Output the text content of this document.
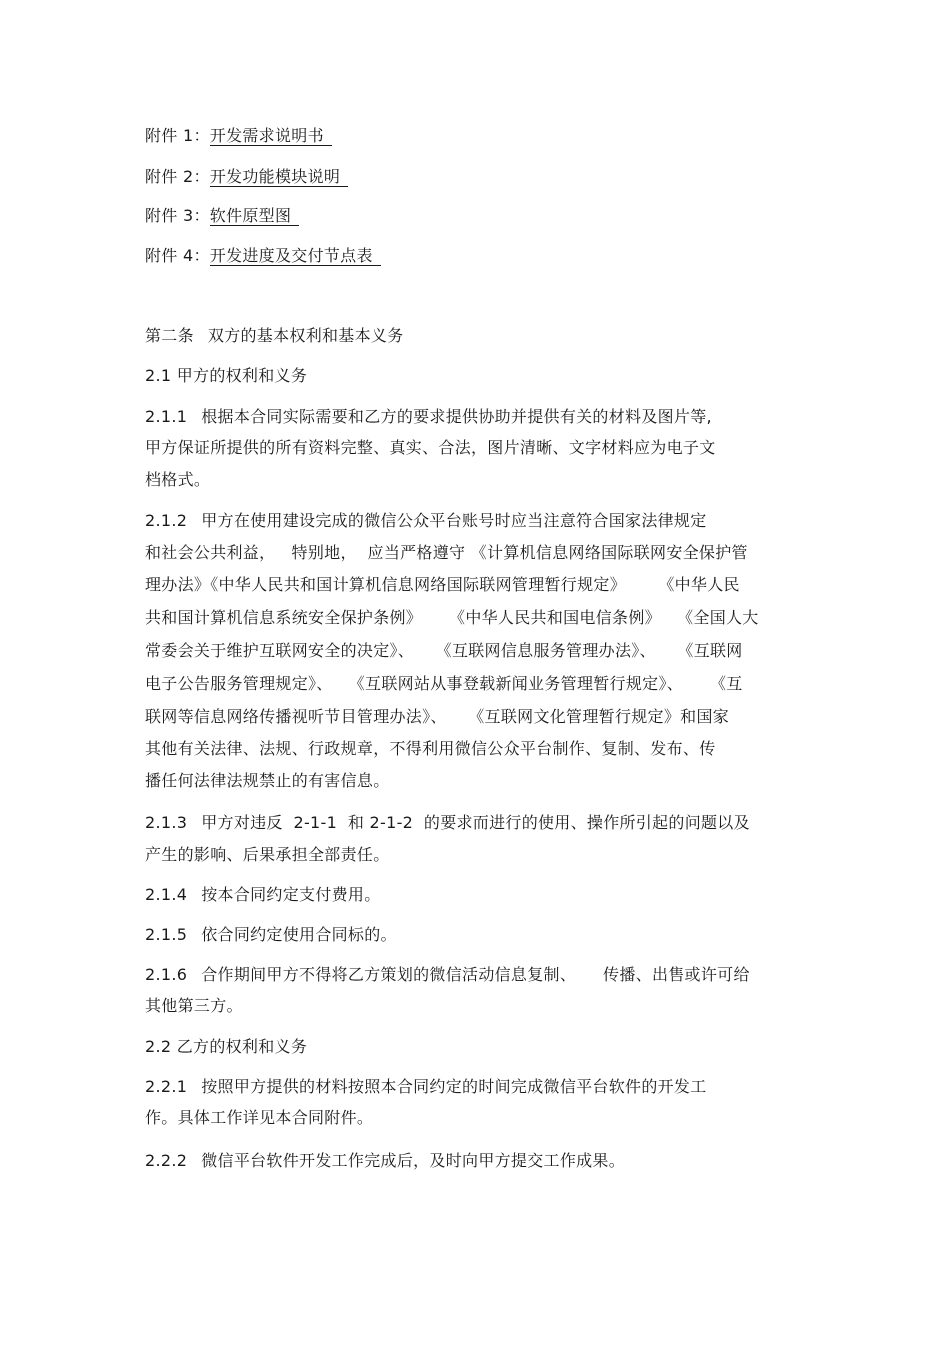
附件 1：开发需求说明书
附件 2：开发功能模块说明
附件 3：软件原型图
附件 4：开发进度及交付节点表
第二条 双方的基本权利和基本义务
2.1 甲方的权利和义务
2.1.1 根据本合同实际需要和乙方的要求提供协助并提供有关的材料及图片等,
甲方保证所提供的所有资料完整、真实、合法，图片清晰、文字材料应为电子文
档格式。
2.1.2 甲方在使用建设完成的微信公众平台账号时应当注意符合国家法律规定
和社会公共利益，   特别地，  应当严格遵守 《计算机信息网络国际联网安全保护管
理办法》《中华人民共和国计算机信息网络国际联网管理暂行规定》      《中华人民
共和国计算机信息系统安全保护条例》     《中华人民共和国电信条例》   《全国人大
常委会关于维护互联网安全的决定》、    《互联网信息服务管理办法》、    《互联网
电子公告服务管理规定》、   《互联网站从事登载新闻业务管理暂行规定》、     《互
联网等信息网络传播视听节目管理办法》、    《互联网文化管理暂行规定》和国家
其他有关法律、法规、行政规章，不得利用微信公众平台制作、复制、发布、传
播任何法律法规禁止的有害信息。
2.1.3 甲方对违反  2-1-1  和 2-1-2  的要求而进行的使用、操作所引起的问题以及
产生的影响、后果承担全部责任。
2.1.4 按本合同约定支付费用。
2.1.5 依合同约定使用合同标的。
2.1.6 合作期间甲方不得将乙方策划的微信活动信息复制、     传播、出售或许可给
其他第三方。
2.2 乙方的权利和义务
2.2.1 按照甲方提供的材料按照本合同约定的时间完成微信平台软件的开发工
作。具体工作详见本合同附件。
2.2.2 微信平台软件开发工作完成后，及时向甲方提交工作成果。
